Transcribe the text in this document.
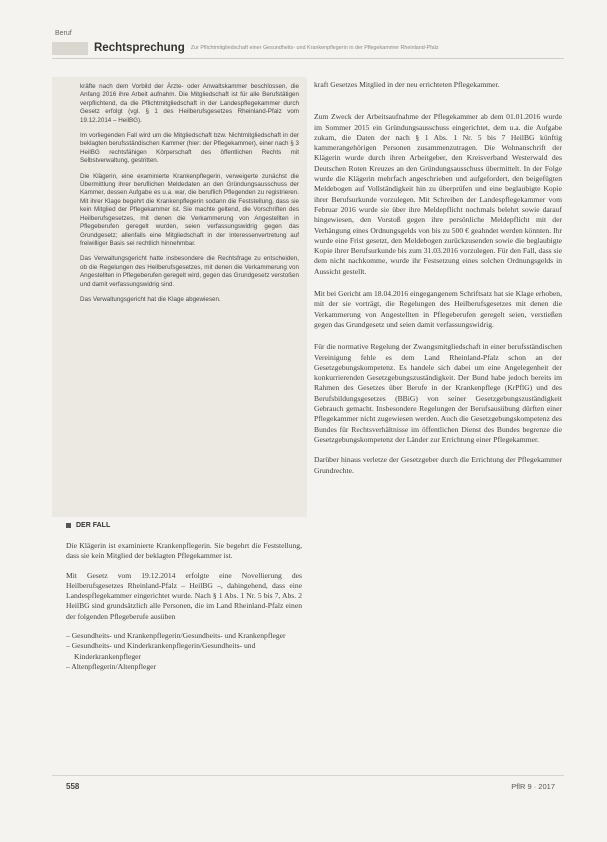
Beruf
Rechtsprechung Zur Pflichtmitgliedschaft einer Gesundheits- und Krankenpflegerin in der Pflegekammer Rheinland-Pfalz

kräfte nach dem Vorbild der Ärzte- oder Anwaltskammer beschlossen, die Anfang 2016 ihre Arbeit aufnahm. Die Mitgliedschaft ist für alle Berufstätigen verpflichtend, da die Pflichtmitgliedschaft in der Landespflegekammer durch Gesetz erfolgt (vgl. § 1 des Heilberufsgesetzes Rheinland-Pfalz vom 19.12.2014 – HeilBG).

Im vorliegenden Fall wird um die Mitgliedschaft bzw. Nichtmitgliedschaft in der beklagten berufsständischen Kammer (hier: der Pflegekammer), einer nach § 3 HeilBG rechtsfähigen Körperschaft des öffentlichen Rechts mit Selbstverwaltung, gestritten.

Die Klägerin, eine examinierte Krankenpflegerin, verweigerte zunächst die Übermittlung ihrer beruflichen Meldedaten an den Gründungsausschuss der Kammer, dessen Aufgabe es u.a. war, die beruflich Pflegenden zu registrieren. Mit ihrer Klage begehrt die Krankenpflegerin sodann die Feststellung, dass sie kein Mitglied der Pflegekammer ist. Sie machte geltend, die Vorschriften des Heilberufsgesetzes, mit denen die Verkammerung von Angestellten in Pflegeberufen geregelt wurden, seien verfassungswidrig gegen das Grundgesetz; allenfalls eine Mitgliedschaft in der Interessenvertretung auf freiwilliger Basis sei rechtlich hinnehmbar.

Das Verwaltungsgericht hatte insbesondere die Rechtsfrage zu entscheiden, ob die Regelungen des Heilberufsgesetzes, mit denen die Verkammerung von Angestellten in Pflegeberufen geregelt wird, gegen das Grundgesetz verstoßen und damit verfassungswidrig sind.

Das Verwaltungsgericht hat die Klage abgewiesen.

DER FALL

Die Klägerin ist examinierte Krankenpflegerin. Sie begehrt die Feststellung, dass sie kein Mitglied der beklagten Pflegekammer ist.

Mit Gesetz vom 19.12.2014 erfolgte eine Novellierung des Heilberufsgesetzes Rheinland-Pfalz – HeilBG –, dahingehend, dass eine Landespflegekammer eingerichtet wurde. Nach § 1 Abs. 1 Nr. 5 bis 7, Abs. 2 HeilBG sind grundsätzlich alle Personen, die im Land Rheinland-Pfalz einen der folgenden Pflegeberufe ausüben

– Gesundheits- und Krankenpflegerin/Gesundheits- und Krankenpfleger
– Gesundheits- und Kinderkrankenpflegerin/Gesundheits- und Kinderkrankenpfleger
– Altenpflegerin/Altenpfleger

kraft Gesetzes Mitglied in der neu errichteten Pflegekammer.

Zum Zweck der Arbeitsaufnahme der Pflegekammer ab dem 01.01.2016 wurde im Sommer 2015 ein Gründungsausschuss eingerichtet, dem u.a. die Aufgabe zukam, die Daten der nach § 1 Abs. 1 Nr. 5 bis 7 HeilBG künftig kammerangehörigen Personen zusammenzutragen. Die Wohnanschrift der Klägerin wurde durch ihren Arbeitgeber, den Kreisverband Westerwald des Deutschen Roten Kreuzes an den Gründungsausschuss übermittelt. In der Folge wurde die Klägerin mehrfach angeschrieben und aufgefordert, den beigefügten Meldebogen auf Vollständigkeit hin zu überprüfen und eine beglaubigte Kopie ihrer Berufsurkunde vorzulegen. Mit Schreiben der Landespflegekammer vom Februar 2016 wurde sie über ihre Meldepflicht nochmals belehrt sowie darauf hingewiesen, den Vorstoß gegen ihre persönliche Meldepflicht mit der Verhängung eines Ordnungsgelds von bis zu 500 € geahndet werden könnten. Ihr wurde eine Frist gesetzt, den Meldebogen zurückzusenden sowie die beglaubigte Kopie ihrer Berufsurkunde bis zum 31.03.2016 vorzulegen. Für den Fall, dass sie dem nicht nachkomme, wurde ihr Festsetzung eines solchen Ordnungsgelds in Aussicht gestellt.

Mit bei Gericht am 18.04.2016 eingegangenem Schriftsatz hat sie Klage erhoben, mit der sie vorträgt, die Regelungen des Heilberufsgesetzes mit denen die Verkammerung von Angestellten in Pflegeberufen geregelt seien, verstießen gegen das Grundgesetz und seien damit verfassungswidrig.

Für die normative Regelung der Zwangsmitgliedschaft in einer berufsständischen Vereinigung fehle es dem Land Rheinland-Pfalz schon an der Gesetzgebungskompetenz. Es handele sich dabei um eine Angelegenheit der konkurrierenden Gesetzgebungszuständigkeit. Der Bund habe jedoch bereits im Rahmen des Gesetzes über Berufe in der Krankenpflege (KrPflG) und des Berufsbildungsgesetzes (BBiG) von seiner Gesetzgebungszuständigkeit Gebrauch gemacht. Insbesondere Regelungen der Berufsausübung dürften einer Pflegekammer nicht zugewiesen werden. Auch die Gesetzgebungskompetenz des Bundes für Rechtsverhältnisse im öffentlichen Dienst des Bundes begrenze die Gesetzgebungskompetenz der Länder zur Errichtung einer Pflegekammer.

Darüber hinaus verletze der Gesetzgeber durch die Errichtung der Pflegekammer Grundrechte.

558	PflR 9 · 2017
